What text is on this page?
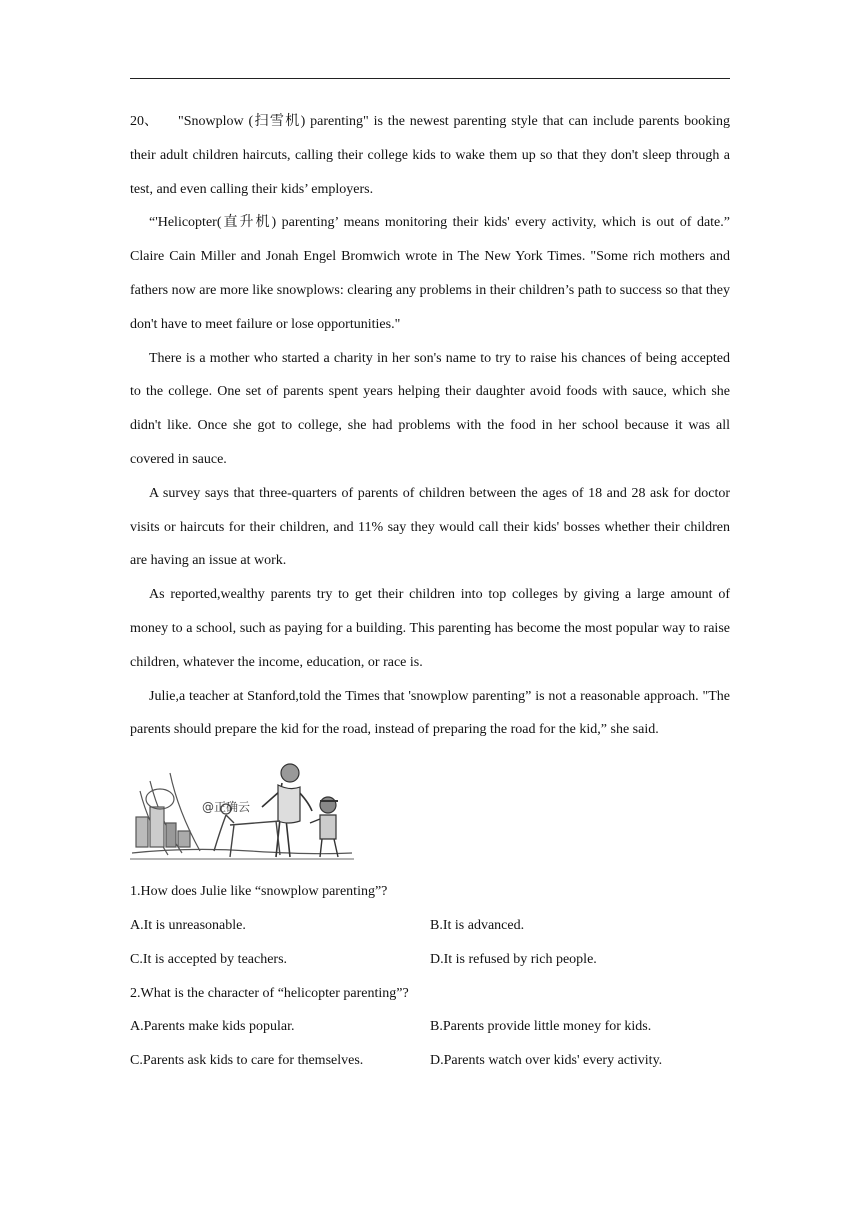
20、 "Snowplow (扫雪机) parenting" is the newest parenting style that can include parents booking their adult children haircuts, calling their college kids to wake them up so that they don't sleep through a test, and even calling their kids’ employers.

“'Helicopter(直升机) parenting’ means monitoring their kids' every activity, which is out of date.” Claire Cain Miller and Jonah Engel Bromwich wrote in The New York Times. "Some rich mothers and fathers now are more like snowplows: clearing any problems in their children’s path to success so that they don't have to meet failure or lose opportunities."

There is a mother who started a charity in her son's name to try to raise his chances of being accepted to the college. One set of parents spent years helping their daughter avoid foods with sauce, which she didn't like. Once she got to college, she had problems with the food in her school because it was all covered in sauce.

A survey says that three-quarters of parents of children between the ages of 18 and 28 ask for doctor visits or haircuts for their children, and 11% say they would call their kids' bosses whether their children are having an issue at work.

As reported,wealthy parents try to get their children into top colleges by giving a large amount of money to a school, such as paying for a building. This parenting has become the most popular way to raise children, whatever the income, education, or race is.

Julie,a teacher at Stanford,told the Times that 'snowplow parenting” is not a reasonable approach. "The parents should prepare the kid for the road, instead of preparing the road for the kid,” she said.

@正确云

1.How does Julie like “snowplow parenting”?

A.It is unreasonable.	B.It is advanced.
C.It is accepted by teachers.	D.It is refused by rich people.

2.What is the character of “helicopter parenting”?

A.Parents make kids popular.	B.Parents provide little money for kids.
C.Parents ask kids to care for themselves.	D.Parents watch over kids' every activity.
